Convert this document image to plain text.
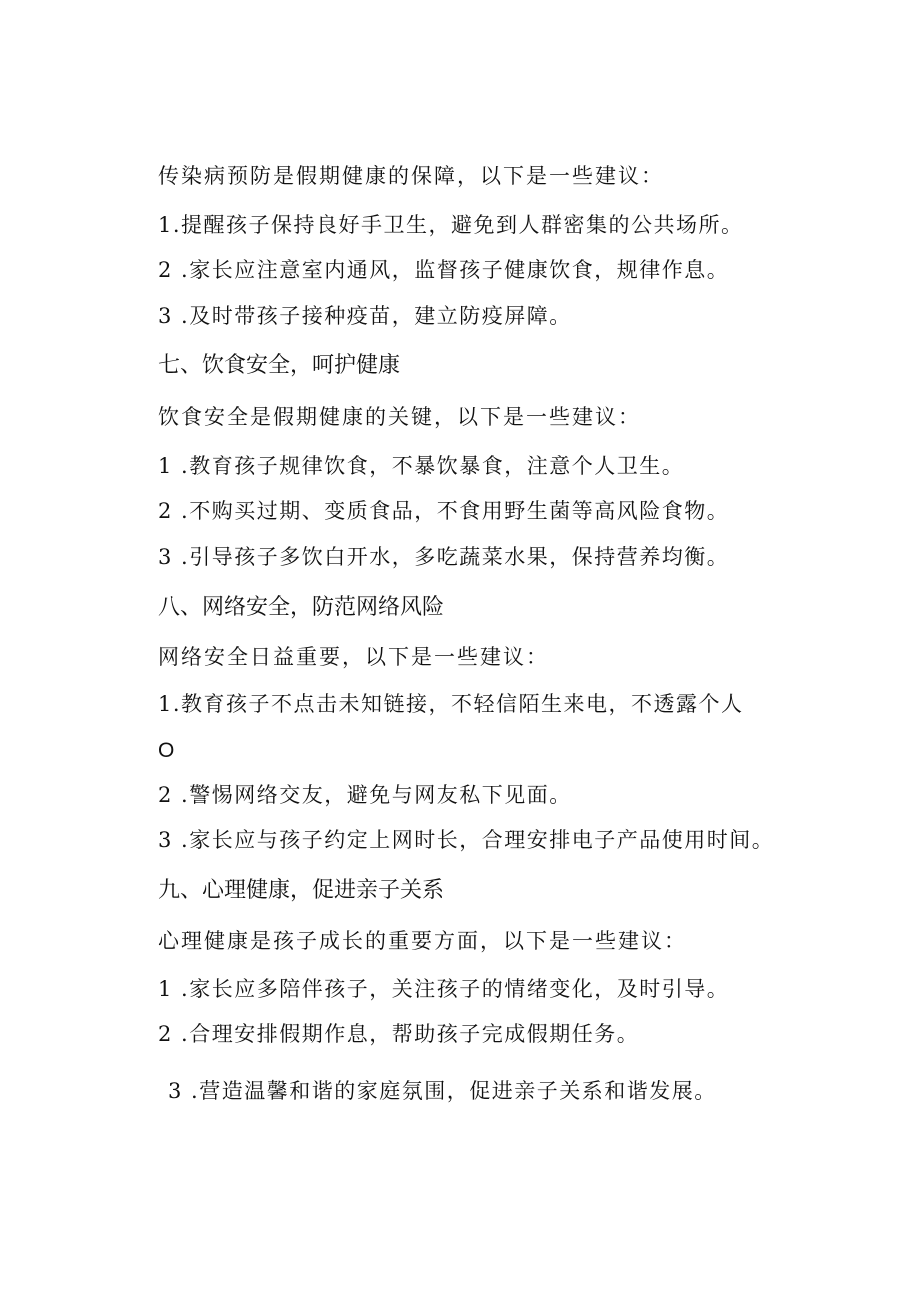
传染病预防是假期健康的保障，以下是一些建议：
1.提醒孩子保持良好手卫生，避免到人群密集的公共场所。
2 .家长应注意室内通风，监督孩子健康饮食，规律作息。
3 .及时带孩子接种疫苗，建立防疫屏障。
七、饮食安全，呵护健康
饮食安全是假期健康的关键，以下是一些建议：
1 .教育孩子规律饮食，不暴饮暴食，注意个人卫生。
2 .不购买过期、变质食品，不食用野生菌等高风险食物。
3 .引导孩子多饮白开水，多吃蔬菜水果，保持营养均衡。
八、网络安全，防范网络风险
网络安全日益重要，以下是一些建议：
1.教育孩子不点击未知链接，不轻信陌生来电，不透露个人
O
2 .警惕网络交友，避免与网友私下见面。
3 .家长应与孩子约定上网时长，合理安排电子产品使用时间。
九、心理健康，促进亲子关系
心理健康是孩子成长的重要方面，以下是一些建议：
1 .家长应多陪伴孩子，关注孩子的情绪变化，及时引导。
2 .合理安排假期作息，帮助孩子完成假期任务。
3 .营造温馨和谐的家庭氛围，促进亲子关系和谐发展。
